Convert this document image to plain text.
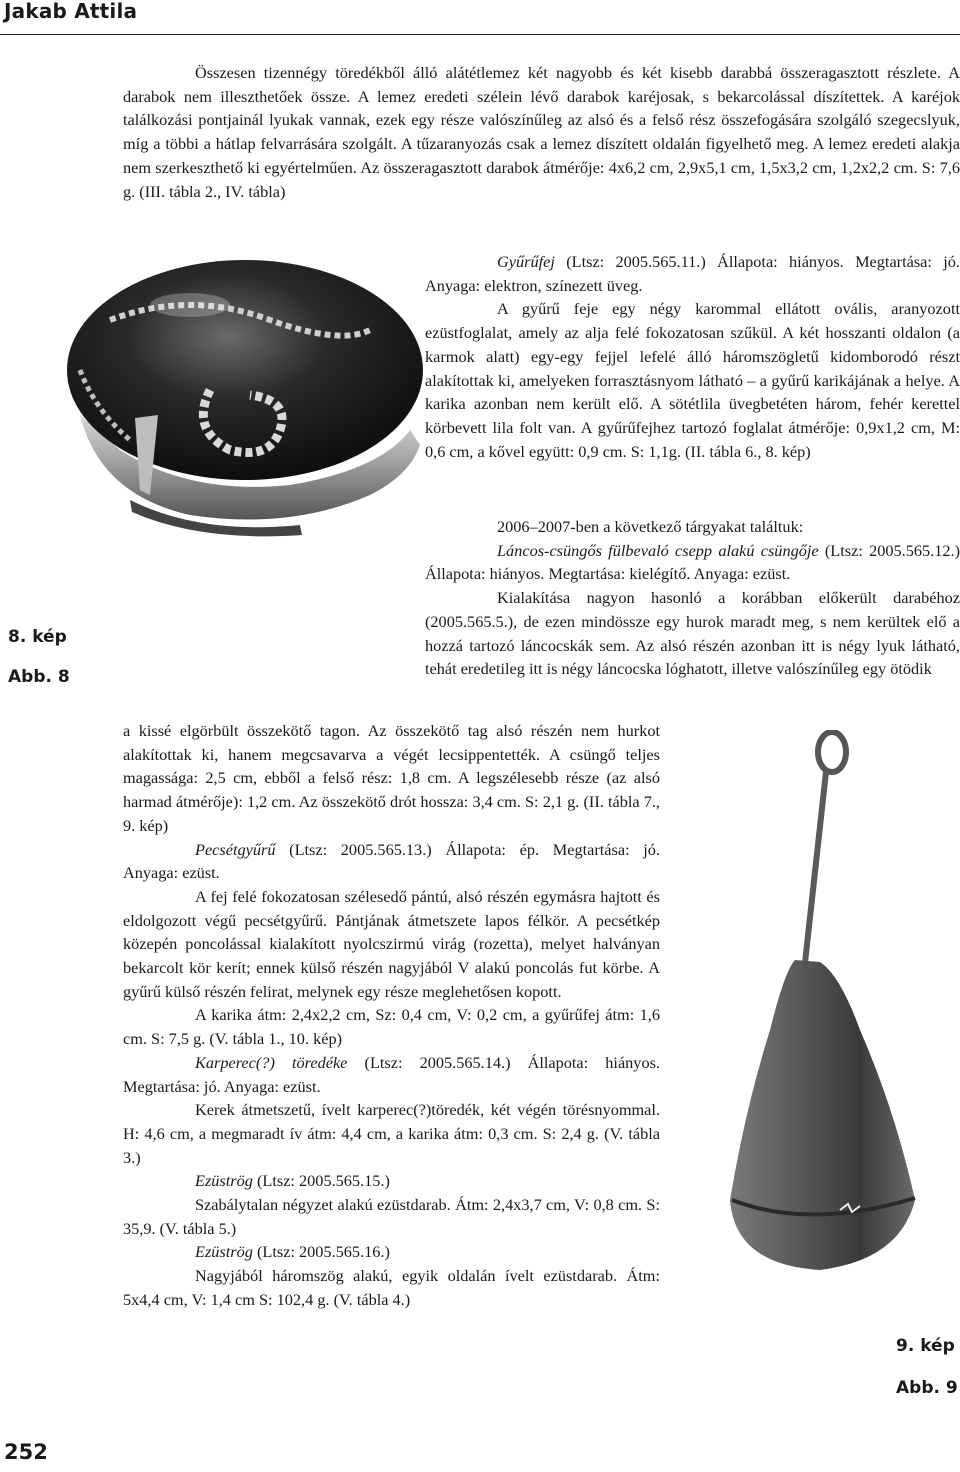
Jakab Attila

Összesen tizennégy töredékből álló alátétlemez két nagyobb és két kisebb darabbá összeragasztott részlete. A darabok nem illeszthetőek össze. A lemez eredeti szélein lévő darabok karéjosak, s bekarcolással díszítettek. A karéjok találkozási pontjainál lyukak vannak, ezek egy része valószínűleg az alsó és a felső rész összefogására szolgáló szegecslyuk, míg a többi a hátlap felvarrására szolgált. A tűzaranyozás csak a lemez díszített oldalán figyelhető meg. A lemez eredeti alakja nem szerkeszthető ki egyértelműen. Az összeragasztott darabok átmérője: 4x6,2 cm, 2,9x5,1 cm, 1,5x3,2 cm, 1,2x2,2 cm. S: 7,6 g. (III. tábla 2., IV. tábla)

Gyűrűfej (Ltsz: 2005.565.11.) Állapota: hiányos. Megtartása: jó. Anyaga: elektron, színezett üveg.

A gyűrű feje egy négy karommal ellátott ovális, aranyozott ezüstfoglalat, amely az alja felé fokozatosan szűkül. A két hosszanti oldalon (a karmok alatt) egy-egy fejjel lefelé álló háromszögletű kidomborodó részt alakítottak ki, amelyeken forrasztásnyom látható – a gyűrű karikájának a helye. A karika azonban nem került elő. A sötétlila üvegbetéten három, fehér kerettel körbevett lila folt van. A gyűrűfejhez tartozó foglalat átmérője: 0,9x1,2 cm, M: 0,6 cm, a kővel együtt: 0,9 cm. S: 1,1g. (II. tábla 6., 8. kép)

2006–2007-ben a következő tárgyakat találtuk:

Láncos-csüngős fülbevaló csepp alakú csüngője (Ltsz: 2005.565.12.) Állapota: hiányos. Megtartása: kielégítő. Anyaga: ezüst.

Kialakítása nagyon hasonló a korábban előkerült darabéhoz (2005.565.5.), de ezen mindössze egy hurok maradt meg, s nem kerültek elő a hozzá tartozó láncocskák sem. Az alsó részén azonban itt is négy lyuk látható, tehát eredetileg itt is négy láncocska lóghatott, illetve valószínűleg egy ötödik

a kissé elgörbült összekötő tagon. Az összekötő tag alsó részén nem hurkot alakítottak ki, hanem megcsavarva a végét lecsippentették. A csüngő teljes magassága: 2,5 cm, ebből a felső rész: 1,8 cm. A legszélesebb része (az alsó harmad átmérője): 1,2 cm. Az összekötő drót hossza: 3,4 cm. S: 2,1 g. (II. tábla 7., 9. kép)

Pecsétgyűrű (Ltsz: 2005.565.13.) Állapota: ép. Megtartása: jó. Anyaga: ezüst.

A fej felé fokozatosan szélesedő pántú, alsó részén egymásra hajtott és eldolgozott végű pecsétgyűrű. Pántjának átmetszete lapos félkör. A pecsétkép közepén poncolással kialakított nyolcszirmú virág (rozetta), melyet halványan bekarcolt kör kerít; ennek külső részén nagyjából V alakú poncolás fut körbe. A gyűrű külső részén felirat, melynek egy része meglehetősen kopott.

A karika átm: 2,4x2,2 cm, Sz: 0,4 cm, V: 0,2 cm, a gyűrűfej átm: 1,6 cm. S: 7,5 g. (V. tábla 1., 10. kép)

Karperec(?) töredéke (Ltsz: 2005.565.14.) Állapota: hiányos. Megtartása: jó. Anyaga: ezüst.

Kerek átmetszetű, ívelt karperec(?)töredék, két végén törésnyommal. H: 4,6 cm, a megmaradt ív átm: 4,4 cm, a karika átm: 0,3 cm. S: 2,4 g. (V. tábla 3.)

Ezüströg (Ltsz: 2005.565.15.)

Szabálytalan négyzet alakú ezüstdarab. Átm: 2,4x3,7 cm, V: 0,8 cm. S: 35,9. (V. tábla 5.)

Ezüströg (Ltsz: 2005.565.16.)

Nagyjából háromszög alakú, egyik oldalán ívelt ezüstdarab. Átm: 5x4,4 cm, V: 1,4 cm S: 102,4 g. (V. tábla 4.)

8. kép
Abb. 8
9. kép
Abb. 9
252
